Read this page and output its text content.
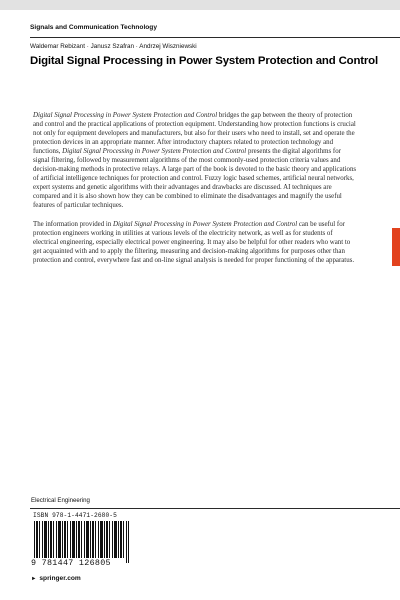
Signals and Communication Technology
Waldemar Rebizant · Janusz Szafran · Andrzej Wiszniewski
Digital Signal Processing in Power System Protection and Control

Digital Signal Processing in Power System Protection and Control bridges the gap between the theory of protection and control and the practical applications of protection equipment. Understanding how protection functions is crucial not only for equipment developers and manufacturers, but also for their users who need to install, set and operate the protection devices in an appropriate manner. After introductory chapters related to protection technology and functions, Digital Signal Processing in Power System Protection and Control presents the digital algorithms for signal filtering, followed by measurement algorithms of the most commonly-used protection criteria values and decision-making methods in protective relays. A large part of the book is devoted to the basic theory and applications of artificial intelligence techniques for protection and control. Fuzzy logic based schemes, artificial neural networks, expert systems and genetic algorithms with their advantages and drawbacks are discussed. AI techniques are compared and it is also shown how they can be combined to eliminate the disadvantages and magnify the useful features of particular techniques.

The information provided in Digital Signal Processing in Power System Protection and Control can be useful for protection engineers working in utilities at various levels of the electricity network, as well as for students of electrical engineering, especially electrical power engineering. It may also be helpful for other readers who want to get acquainted with and to apply the filtering, measuring and decision-making algorithms for purposes other than protection and control, everywhere fast and on-line signal analysis is needed for proper functioning of the apparatus.

Electrical Engineering
ISBN 978-1-4471-2680-5
9 781447 126805
► springer.com
